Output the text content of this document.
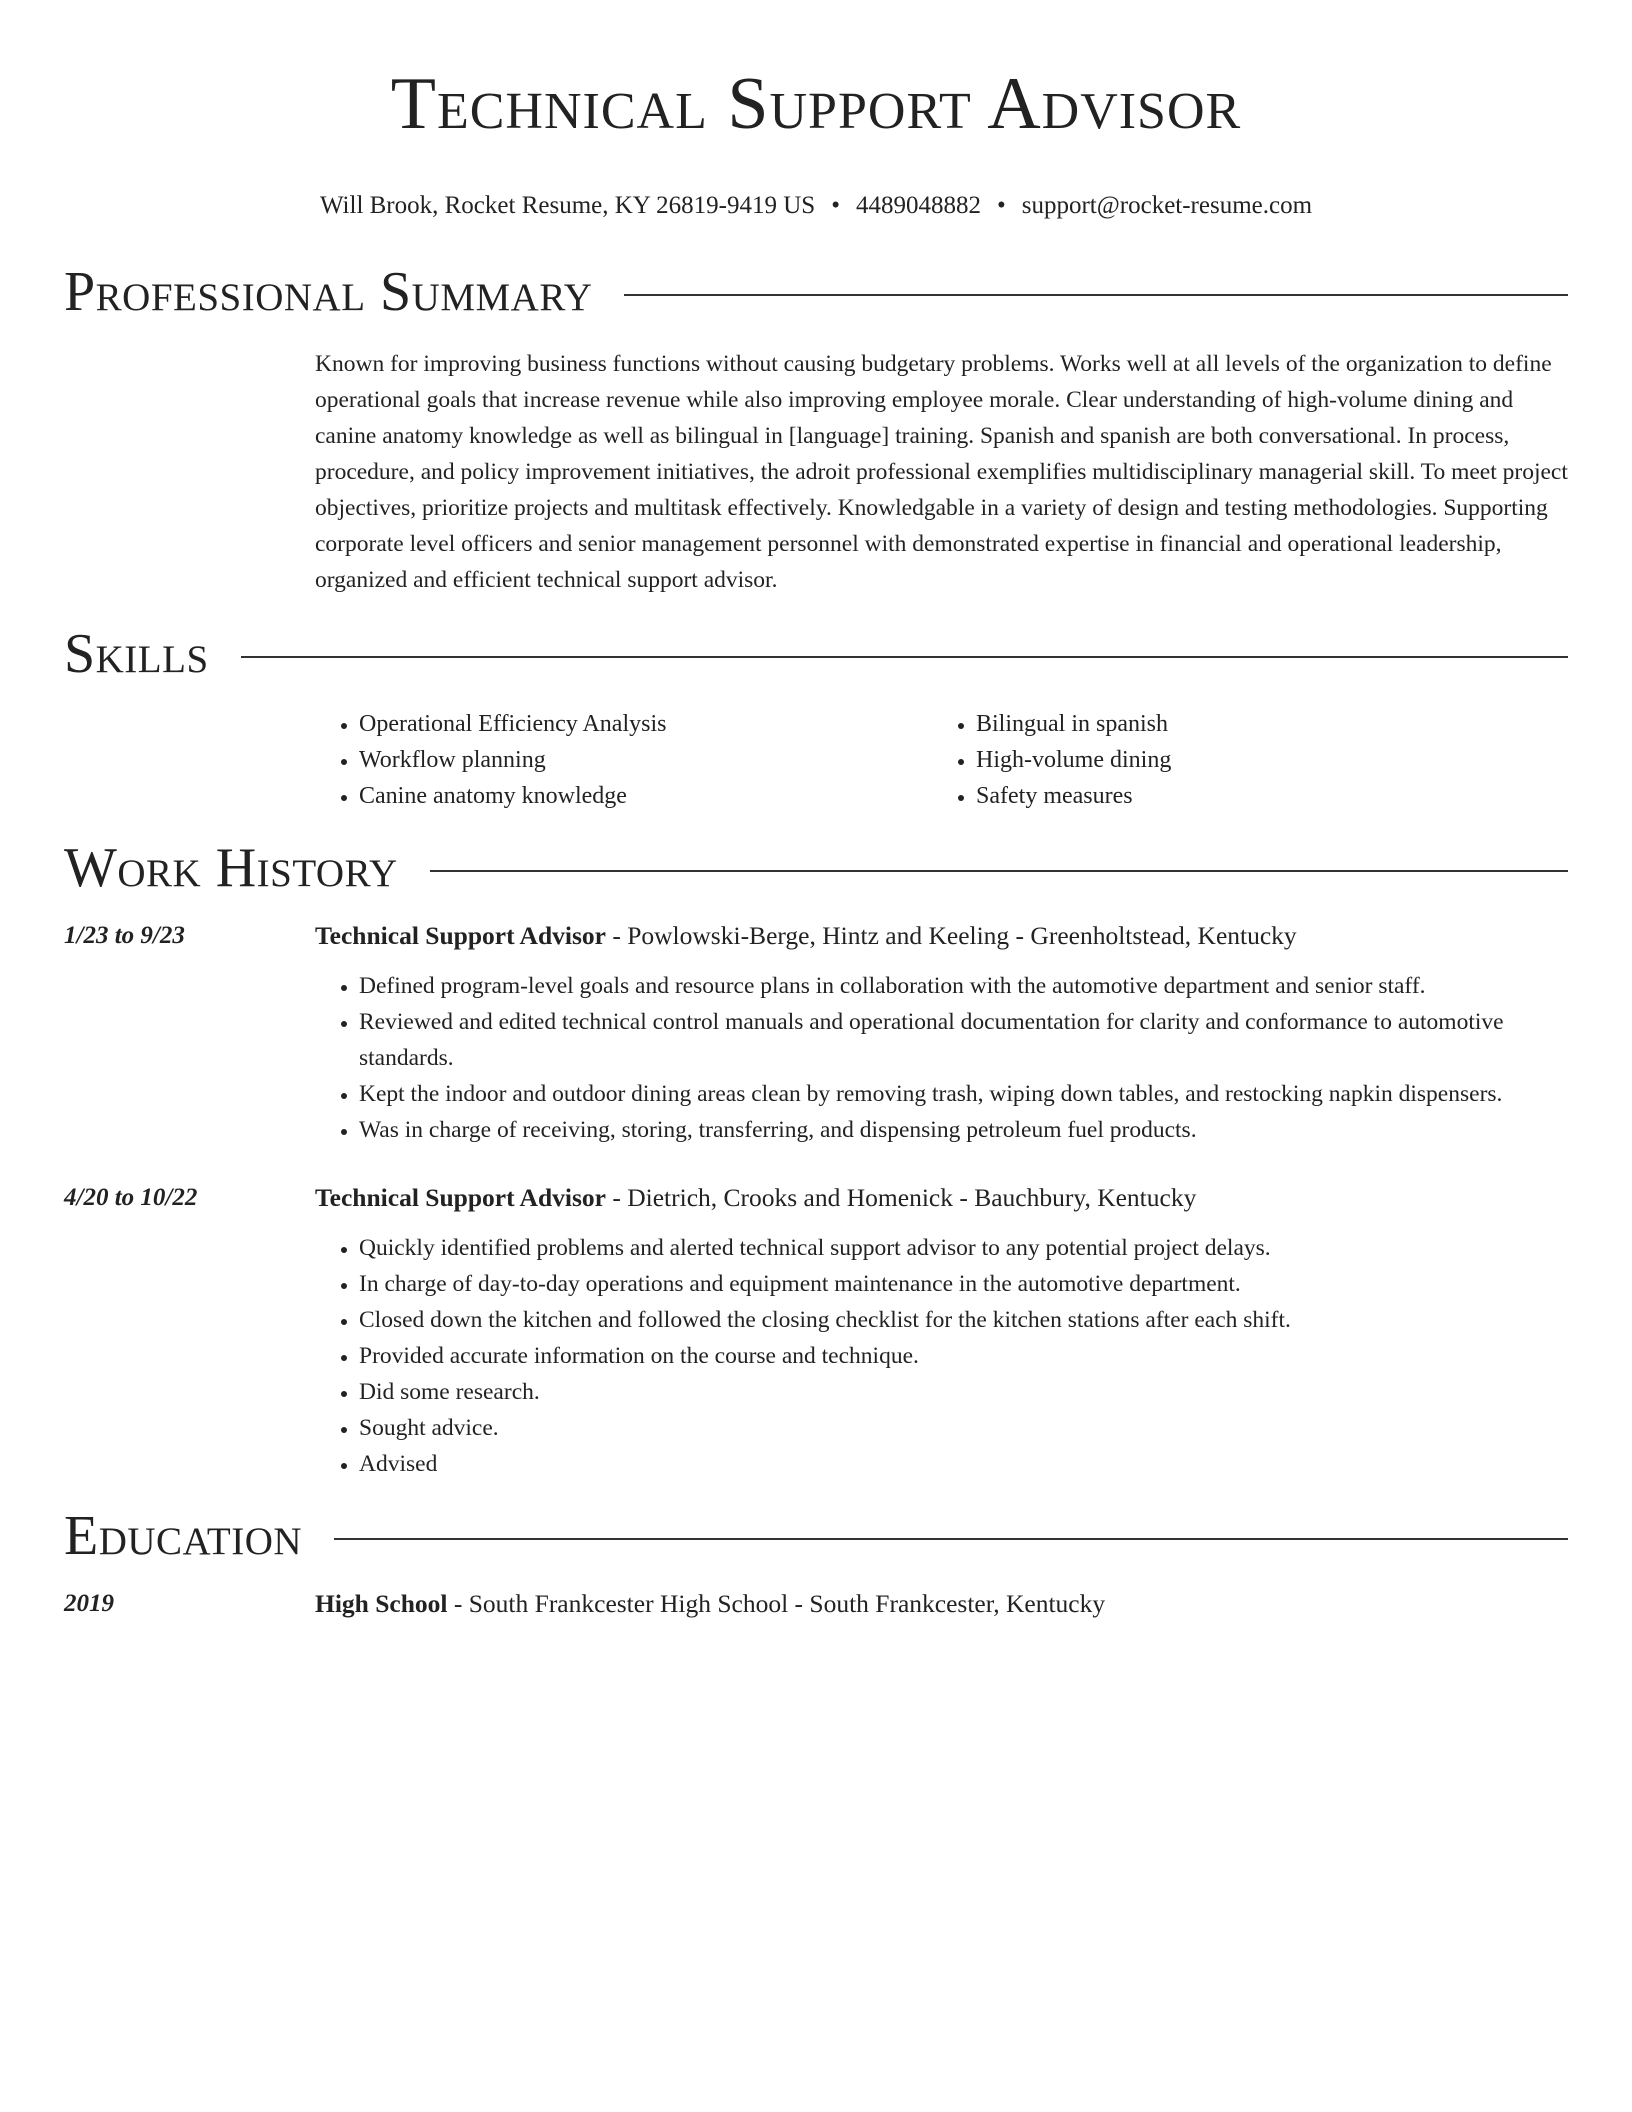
Technical Support Advisor
Will Brook, Rocket Resume, KY 26819-9419 US • 4489048882 • support@rocket-resume.com
Professional Summary
Known for improving business functions without causing budgetary problems. Works well at all levels of the organization to define operational goals that increase revenue while also improving employee morale. Clear understanding of high-volume dining and canine anatomy knowledge as well as bilingual in [language] training. Spanish and spanish are both conversational. In process, procedure, and policy improvement initiatives, the adroit professional exemplifies multidisciplinary managerial skill. To meet project objectives, prioritize projects and multitask effectively. Knowledgable in a variety of design and testing methodologies. Supporting corporate level officers and senior management personnel with demonstrated expertise in financial and operational leadership, organized and efficient technical support advisor.
Skills
• Operational Efficiency Analysis
• Workflow planning
• Canine anatomy knowledge
• Bilingual in spanish
• High-volume dining
• Safety measures
Work History
1/23 to 9/23	Technical Support Advisor - Powlowski-Berge, Hintz and Keeling - Greenholtstead, Kentucky
• Defined program-level goals and resource plans in collaboration with the automotive department and senior staff.
• Reviewed and edited technical control manuals and operational documentation for clarity and conformance to automotive standards.
• Kept the indoor and outdoor dining areas clean by removing trash, wiping down tables, and restocking napkin dispensers.
• Was in charge of receiving, storing, transferring, and dispensing petroleum fuel products.
4/20 to 10/22	Technical Support Advisor - Dietrich, Crooks and Homenick - Bauchbury, Kentucky
• Quickly identified problems and alerted technical support advisor to any potential project delays.
• In charge of day-to-day operations and equipment maintenance in the automotive department.
• Closed down the kitchen and followed the closing checklist for the kitchen stations after each shift.
• Provided accurate information on the course and technique.
• Did some research.
• Sought advice.
• Advised
Education
2019	High School - South Frankcester High School - South Frankcester, Kentucky
